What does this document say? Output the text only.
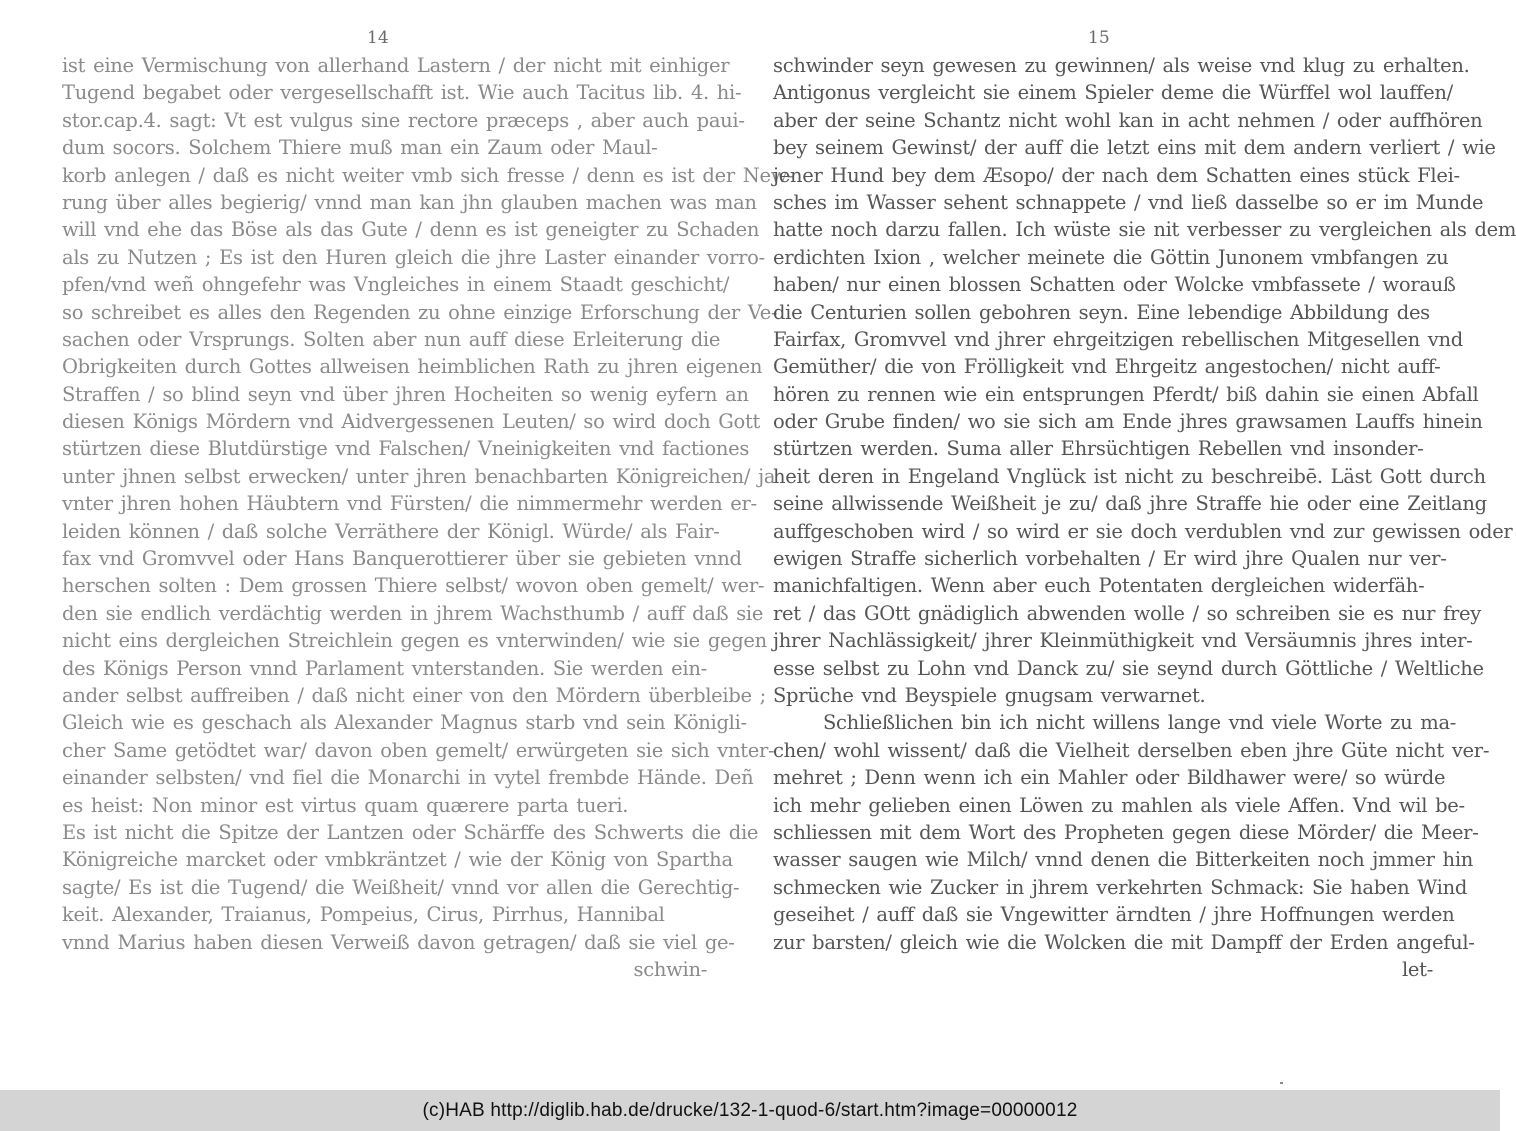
14
ist eine Vermischung von allerhand Lastern / der nicht mit einhiger
Tugend begabet oder vergesellschafft ist. Wie auch Tacitus lib. 4. hi-
stor.cap.4. sagt: Vt est vulgus sine rectore præceps , aber auch paui-
dum socors. Solchem Thiere muß man ein Zaum oder Maul-
korb anlegen / daß es nicht weiter vmb sich fresse / denn es ist der New-
rung über alles begierig/ vnnd man kan jhn glauben machen was man
will vnd ehe das Böse als das Gute / denn es ist geneigter zu Schaden
als zu Nutzen ; Es ist den Huren gleich die jhre Laster einander vorro-
pfen/vnd weñ ohngefehr was Vngleiches in einem Staadt geschicht/
so schreibet es alles den Regenden zu ohne einzige Erforschung der Ve-
sachen oder Vrsprungs. Solten aber nun auff diese Erleiterung die
Obrigkeiten durch Gottes allweisen heimblichen Rath zu jhren eigenen
Straffen / so blind seyn vnd über jhren Hocheiten so wenig eyfern an
diesen Königs Mördern vnd Aidvergessenen Leuten/ so wird doch Gott
stürtzen diese Blutdürstige vnd Falschen/ Vneinigkeiten vnd factiones
unter jhnen selbst erwecken/ unter jhren benachbarten Königreichen/ ja
vnter jhren hohen Häubtern vnd Fürsten/ die nimmermehr werden er-
leiden können / daß solche Verräthere der Königl. Würde/ als Fair-
fax vnd Gromvvel oder Hans Banquerottierer über sie gebieten vnnd
herschen solten : Dem grossen Thiere selbst/ wovon oben gemelt/ wer-
den sie endlich verdächtig werden in jhrem Wachsthumb / auff daß sie
nicht eins dergleichen Streichlein gegen es vnterwinden/ wie sie gegen
des Königs Person vnnd Parlament vnterstanden. Sie werden ein-
ander selbst auffreiben / daß nicht einer von den Mördern überbleibe ;
Gleich wie es geschach als Alexander Magnus starb vnd sein Königli-
cher Same getödtet war/ davon oben gemelt/ erwürgeten sie sich vnter-
einander selbsten/ vnd fiel die Monarchi in vytel frembde Hände. Deñ
es heist: Non minor est virtus quam quærere parta tueri.
Es ist nicht die Spitze der Lantzen oder Schärffe des Schwerts die die
Königreiche marcket oder vmbkräntzet / wie der König von Spartha
sagte/ Es ist die Tugend/ die Weißheit/ vnnd vor allen die Gerechtig-
keit. Alexander, Traianus, Pompeius, Cirus, Pirrhus, Hannibal
vnnd Marius haben diesen Verweiß davon getragen/ daß sie viel ge-
schwin-
15
schwinder seyn gewesen zu gewinnen/ als weise vnd klug zu erhalten.
Antigonus vergleicht sie einem Spieler deme die Würffel wol lauffen/
aber der seine Schantz nicht wohl kan in acht nehmen / oder auffhören
bey seinem Gewinst/ der auff die letzt eins mit dem andern verliert / wie
jener Hund bey dem Æsopo/ der nach dem Schatten eines stück Flei-
sches im Wasser sehent schnappete / vnd ließ dasselbe so er im Munde
hatte noch darzu fallen. Ich wüste sie nit verbesser zu vergleichen als dem
erdichten Ixion , welcher meinete die Göttin Junonem vmbfangen zu
haben/ nur einen blossen Schatten oder Wolcke vmbfassete / worauß
die Centurien sollen gebohren seyn. Eine lebendige Abbildung des
Fairfax, Gromvvel vnd jhrer ehrgeitzigen rebellischen Mitgesellen vnd
Gemüther/ die von Frölligkeit vnd Ehrgeitz angestochen/ nicht auff-
hören zu rennen wie ein entsprungen Pferdt/ biß dahin sie einen Abfall
oder Grube finden/ wo sie sich am Ende jhres grawsamen Lauffs hinein
stürtzen werden. Suma aller Ehrsüchtigen Rebellen vnd insonder-
heit deren in Engeland Vnglück ist nicht zu beschreibē. Läst Gott durch
seine allwissende Weißheit je zu/ daß jhre Straffe hie oder eine Zeitlang
auffgeschoben wird / so wird er sie doch verdublen vnd zur gewissen oder
ewigen Straffe sicherlich vorbehalten / Er wird jhre Qualen nur ver-
manichfaltigen. Wenn aber euch Potentaten dergleichen widerfäh-
ret / das GOtt gnädiglich abwenden wolle / so schreiben sie es nur frey
jhrer Nachlässigkeit/ jhrer Kleinmüthigkeit vnd Versäumnis jhres inter-
esse selbst zu Lohn vnd Danck zu/ sie seynd durch Göttliche / Weltliche
Sprüche vnd Beyspiele gnugsam verwarnet.
Schließlichen bin ich nicht willens lange vnd viele Worte zu ma-
chen/ wohl wissent/ daß die Vielheit derselben eben jhre Güte nicht ver-
mehret ; Denn wenn ich ein Mahler oder Bildhawer were/ so würde
ich mehr gelieben einen Löwen zu mahlen als viele Affen. Vnd wil be-
schliessen mit dem Wort des Propheten gegen diese Mörder/ die Meer-
wasser saugen wie Milch/ vnnd denen die Bitterkeiten noch jmmer hin
schmecken wie Zucker in jhrem verkehrten Schmack: Sie haben Wind
geseihet / auff daß sie Vngewitter ärndten / jhre Hoffnungen werden
zur barsten/ gleich wie die Wolcken die mit Dampff der Erden angeful-
let-
(c)HAB http://diglib.hab.de/drucke/132-1-quod-6/start.htm?image=00000012
